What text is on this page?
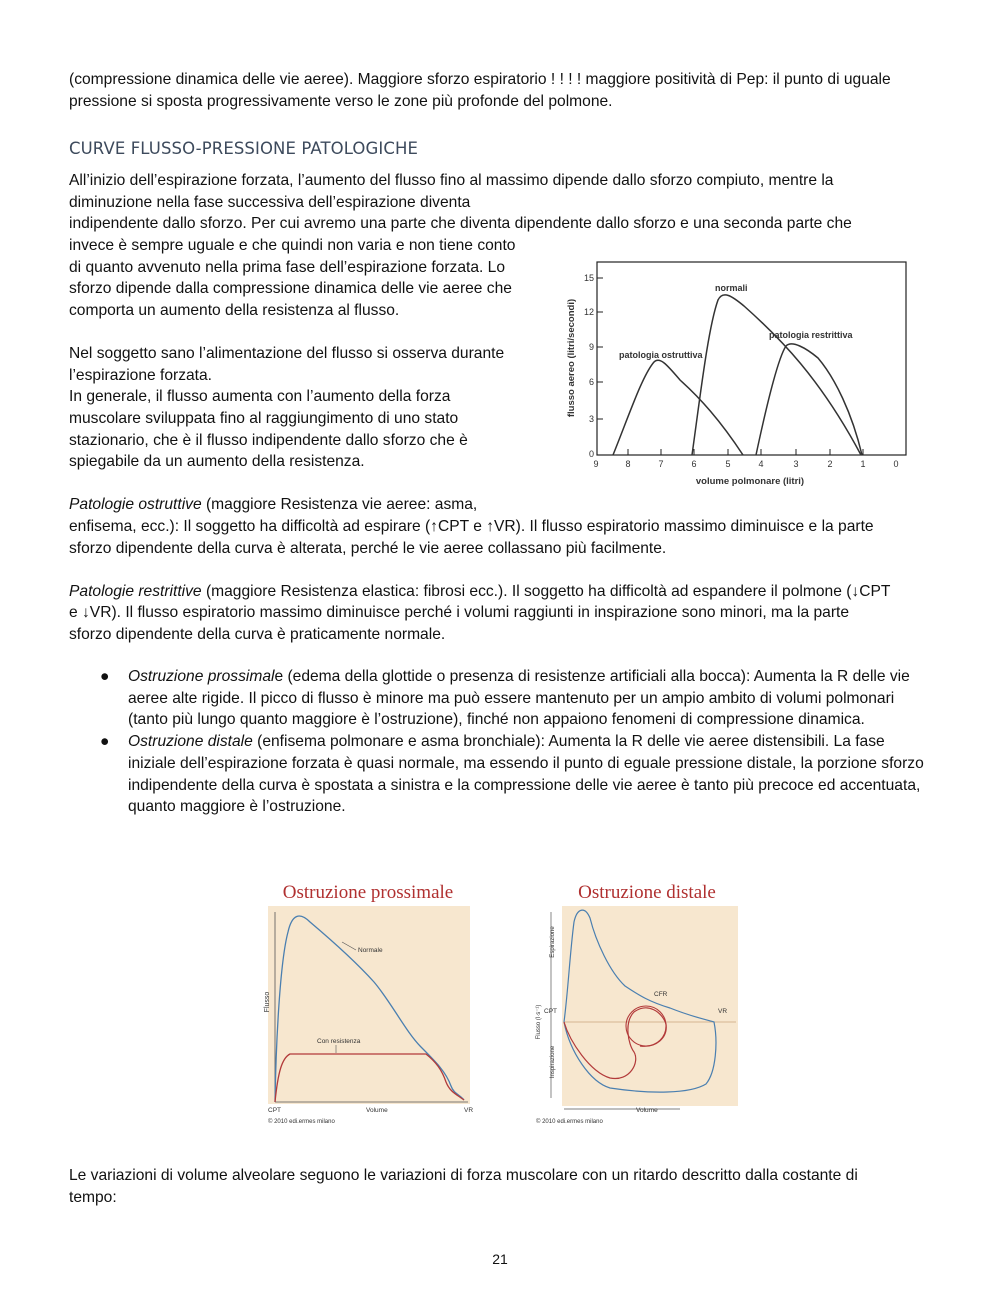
(compressione dinamica delle vie aeree). Maggiore sforzo espiratorio ! ! ! ! maggiore positività di Pep: il punto di uguale
pressione si sposta progressivamente verso le zone più profonde del polmone.
CURVE FLUSSO-PRESSIONE PATOLOGICHE
All’inizio dell’espirazione forzata, l’aumento del flusso fino al massimo dipende dallo sforzo compiuto, mentre la
diminuzione nella fase successiva dell’espirazione diventa
indipendente dallo sforzo. Per cui avremo una parte che diventa dipendente dallo sforzo e una seconda parte che
invece è sempre uguale e che quindi non varia e non tiene conto
di quanto avvenuto nella prima fase dell’espirazione forzata. Lo
sforzo dipende dalla compressione dinamica delle vie aeree che
comporta un aumento della resistenza al flusso.
Nel soggetto sano l’alimentazione del flusso si osserva durante
l’espirazione forzata.
In generale, il flusso aumenta con l’aumento della forza
muscolare sviluppata fino al raggiungimento di uno stato
stazionario, che è il flusso indipendente dallo sforzo che è
spiegabile da un aumento della resistenza.
flusso aereo (litri/secondi)
15
12
9
6
3
0
9	8	7	6	5	4	3	2	1	0
volume polmonare (litri)
normali
patologia restrittiva
patologia ostruttiva
Patologie ostruttive (maggiore Resistenza vie aeree: asma,
enfisema, ecc.): Il soggetto ha difficoltà ad espirare (↑CPT e ↑VR). Il flusso espiratorio massimo diminuisce e la parte
sforzo dipendente della curva è alterata, perché le vie aeree collassano più facilmente.
Patologie restrittive (maggiore Resistenza elastica: fibrosi ecc.). Il soggetto ha difficoltà ad espandere il polmone (↓CPT
e ↓VR). Il flusso espiratorio massimo diminuisce perché i volumi raggiunti in inspirazione sono minori, ma la parte
sforzo dipendente della curva è praticamente normale.
● Ostruzione prossimale (edema della glottide o presenza di resistenze artificiali alla bocca): Aumenta la R delle vie aeree alte rigide. Il picco di flusso è minore ma può essere mantenuto per un ampio ambito di volumi polmonari (tanto più lungo quanto maggiore è l’ostruzione), finché non appaiono fenomeni di compressione dinamica.
● Ostruzione distale (enfisema polmonare e asma bronchiale): Aumenta la R delle vie aeree distensibili. La fase iniziale dell’espirazione forzata è quasi normale, ma essendo il punto di eguale pressione distale, la porzione sforzo indipendente della curva è spostata a sinistra e la compressione delle vie aeree è tanto più precoce ed accentuata, quanto maggiore è l’ostruzione.
Ostruzione prossimale
Flusso
Normale
Con resistenza
CPT	Volume	VR
© 2010 edi.ermes milano
Ostruzione distale
Espirazione
Inspirazione
Flusso (l·s⁻¹)
CFR
CPT	VR
Volume
© 2010 edi.ermes milano
Le variazioni di volume alveolare seguono le variazioni di forza muscolare con un ritardo descritto dalla costante di
tempo:
21
